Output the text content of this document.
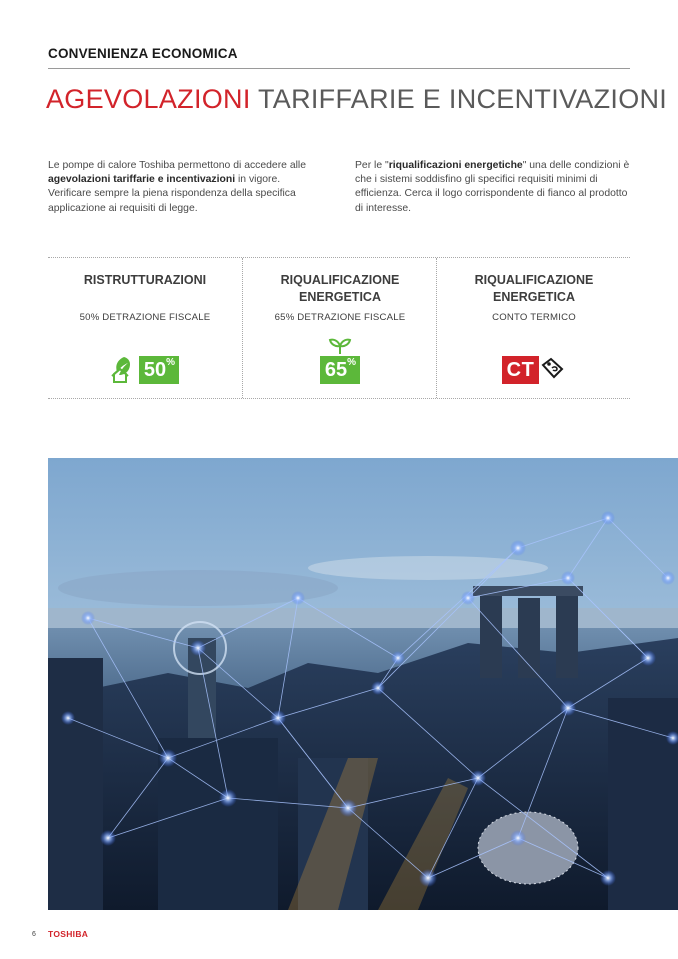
CONVENIENZA ECONOMICA
AGEVOLAZIONI TARIFFARIE E INCENTIVAZIONI
Le pompe di calore Toshiba permettono di accedere alle agevolazioni tariffarie e incentivazioni in vigore. Verificare sempre la piena rispondenza della specifica applicazione ai requisiti di legge.
Per le "riqualificazioni energetiche" una delle condizioni è che i sistemi soddisfino gli specifici requisiti minimi di efficienza. Cerca il logo corrispondente di fianco al prodotto di interesse.
RISTRUTTURAZIONI
50% DETRAZIONE FISCALE
50 %
RIQUALIFICAZIONE
ENERGETICA
65% DETRAZIONE FISCALE
65 %
RIQUALIFICAZIONE
ENERGETICA
CONTO TERMICO
CT
6 TOSHIBA
